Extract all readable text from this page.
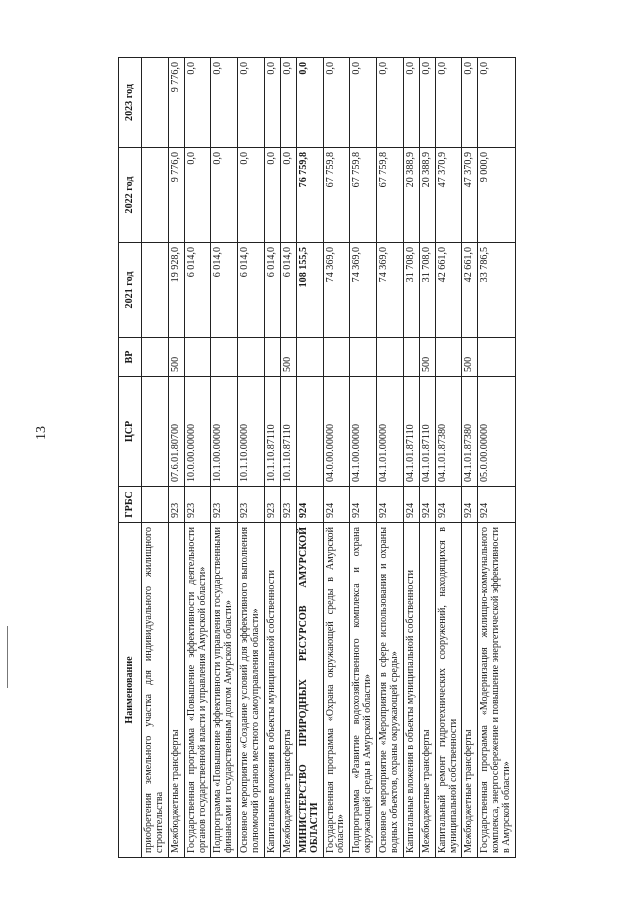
13
Наименование	ГРБС	ЦСР	ВР	2021 год	2022 год	2023 год
приобретения земельного участка для индивидуального жилищного строительства						
Межбюджетные трансферты	923	07.6.01.80700	500	19 928,0	9 776,0	9 776,0
Государственная программа «Повышение эффективности деятельности органов государственной власти и управления Амурской области»	923	10.0.00.00000		6 014,0	0,0	0,0
Подпрограмма «Повышение эффективности управления государственными финансами и государственным долгом Амурской области»	923	10.1.00.00000		6 014,0	0,0	0,0
Основное мероприятие «Создание условий для эффективного выполнения полномочий органов местного самоуправления области»	923	10.1.10.00000		6 014,0	0,0	0,0
Капитальные вложения в объекты муниципальной собственности	923	10.1.10.87110		6 014,0	0,0	0,0
Межбюджетные трансферты	923	10.1.10.87110	500	6 014,0	0,0	0,0
МИНИСТЕРСТВО ПРИРОДНЫХ РЕСУРСОВ АМУРСКОЙ ОБЛАСТИ	924			108 155,5	76 759,8	0,0
Государственная программа «Охрана окружающей среды в Амурской области»	924	04.0.00.00000		74 369,0	67 759,8	0,0
Подпрограмма «Развитие водохозяйственного комплекса и охрана окружающей среды в Амурской области»	924	04.1.00.00000		74 369,0	67 759,8	0,0
Основное мероприятие «Мероприятия в сфере использования и охраны водных объектов, охраны окружающей среды»	924	04.1.01.00000		74 369,0	67 759,8	0,0
Капитальные вложения в объекты муниципальной собственности	924	04.1.01.87110		31 708,0	20 388,9	0,0
Межбюджетные трансферты	924	04.1.01.87110	500	31 708,0	20 388,9	0,0
Капитальный ремонт гидротехнических сооружений, находящихся в муниципальной собственности	924	04.1.01.87380		42 661,0	47 370,9	0,0
Межбюджетные трансферты	924	04.1.01.87380	500	42 661,0	47 370,9	0,0
Государственная программа «Модернизация жилищно-коммунального комплекса, энергосбережение и повышение энергетической эффективности в Амурской области»	924	05.0.00.00000		33 786,5	9 000,0	0,0
